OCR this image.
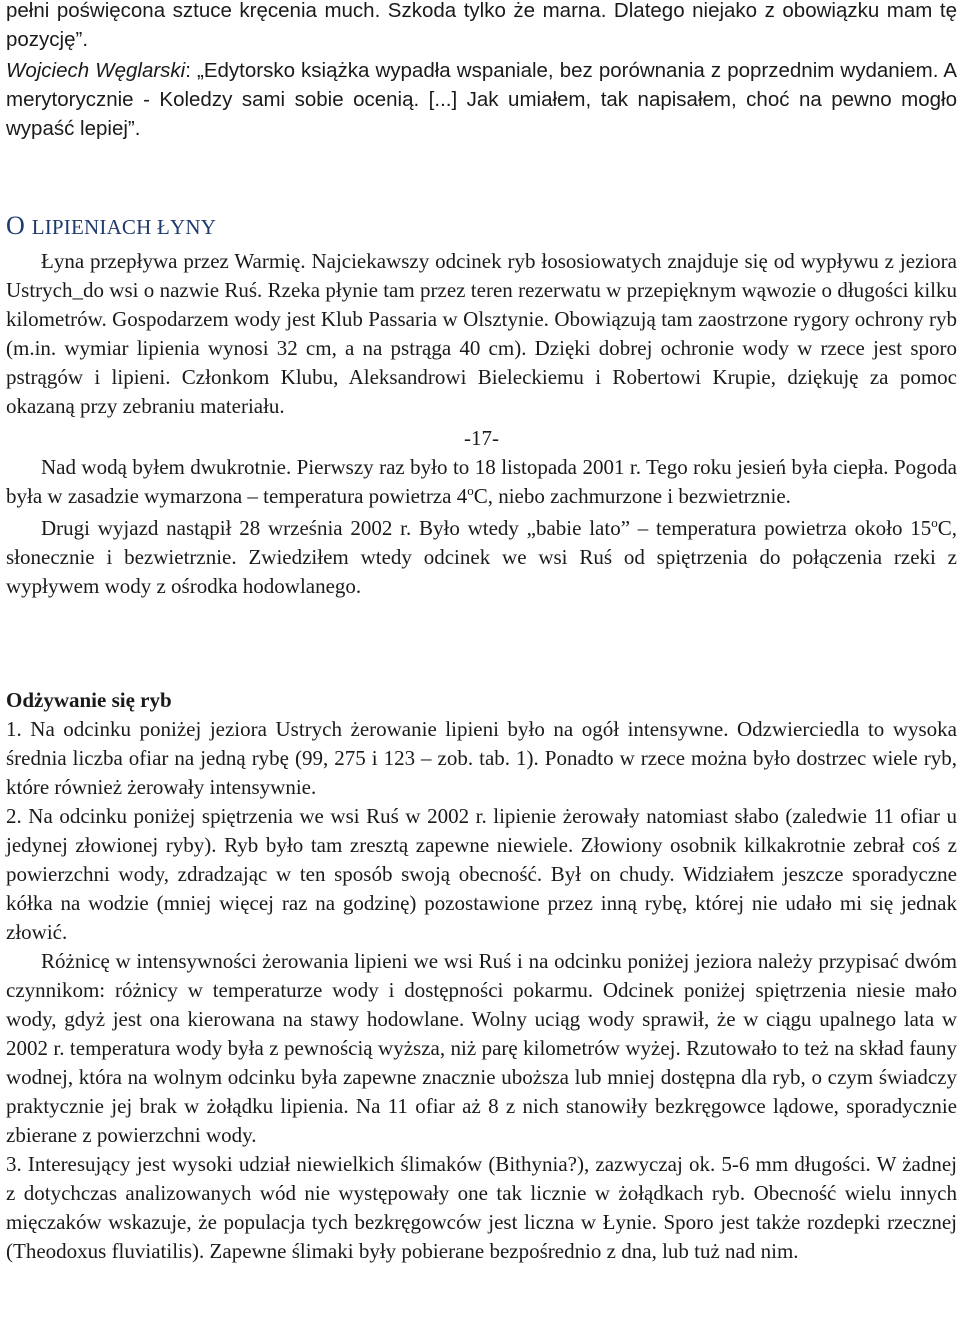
pełni poświęcona sztuce kręcenia much. Szkoda tylko że marna. Dlatego niejako z obowiązku mam tę pozycję”.

Wojciech Węglarski: „Edytorsko książka wypadła wspaniale, bez porównania z poprzednim wydaniem. A merytorycznie - Koledzy sami sobie ocenią. [...] Jak umiałem, tak napisałem, choć na pewno mogło wypaść lepiej”.

O LIPIENIACH ŁYNY

Łyna przepływa przez Warmię. Najciekawszy odcinek ryb łososiowatych znajduje się od wypływu z jeziora Ustrych_do wsi o nazwie Ruś. Rzeka płynie tam przez teren rezerwatu w przepięknym wąwozie o długości kilku kilometrów. Gospodarzem wody jest Klub Passaria w Olsztynie. Obowiązują tam zaostrzone rygory ochrony ryb (m.in. wymiar lipienia wynosi 32 cm, a na pstrąga 40 cm). Dzięki dobrej ochronie wody w rzece jest sporo pstrągów i lipieni. Członkom Klubu, Aleksandrowi Bieleckiemu i Robertowi Krupie, dziękuję za pomoc okazaną przy zebraniu materiału.

-17-

Nad wodą byłem dwukrotnie. Pierwszy raz było to 18 listopada 2001 r. Tego roku jesień była ciepła. Pogoda była w zasadzie wymarzona – temperatura powietrza 4$^o$C, niebo zachmurzone i bezwietrznie.

Drugi wyjazd nastąpił 28 września 2002 r. Było wtedy „babie lato” – temperatura powietrza około 15$^o$C, słonecznie i bezwietrznie. Zwiedziłem wtedy odcinek we wsi Ruś od spiętrzenia do połączenia rzeki z wypływem wody z ośrodka hodowlanego.

Odżywanie się ryb

1. Na odcinku poniżej jeziora Ustrych żerowanie lipieni było na ogół intensywne. Odzwierciedla to wysoka średnia liczba ofiar na jedną rybę (99, 275 i 123 – zob. tab. 1). Ponadto w rzece można było dostrzec wiele ryb, które również żerowały intensywnie.

2. Na odcinku poniżej spiętrzenia we wsi Ruś w 2002 r. lipienie żerowały natomiast słabo (zaledwie 11 ofiar u jedynej złowionej ryby). Ryb było tam zresztą zapewne niewiele. Złowiony osobnik kilkakrotnie zebrał coś z powierzchni wody, zdradzając w ten sposób swoją obecność. Był on chudy. Widziałem jeszcze sporadyczne kółka na wodzie (mniej więcej raz na godzinę) pozostawione przez inną rybę, której nie udało mi się jednak złowić.

Różnicę w intensywności żerowania lipieni we wsi Ruś i na odcinku poniżej jeziora należy przypisać dwóm czynnikom: różnicy w temperaturze wody i dostępności pokarmu. Odcinek poniżej spiętrzenia niesie mało wody, gdyż jest ona kierowana na stawy hodowlane. Wolny uciąg wody sprawił, że w ciągu upalnego lata w 2002 r. temperatura wody była z pewnością wyższa, niż parę kilometrów wyżej. Rzutowało to też na skład fauny wodnej, która na wolnym odcinku była zapewne znacznie uboższa lub mniej dostępna dla ryb, o czym świadczy praktycznie jej brak w żołądku lipienia. Na 11 ofiar aż 8 z nich stanowiły bezkręgowce lądowe, sporadycznie zbierane z powierzchni wody.

3. Interesujący jest wysoki udział niewielkich ślimaków (Bithynia?), zazwyczaj ok. 5-6 mm długości. W żadnej z dotychczas analizowanych wód nie występowały one tak licznie w żołądkach ryb. Obecność wielu innych mięczaków wskazuje, że populacja tych bezkręgowców jest liczna w Łynie. Sporo jest także rozdepki rzecznej (Theodoxus fluviatilis). Zapewne ślimaki były pobierane bezpośrednio z dna, lub tuż nad nim.
